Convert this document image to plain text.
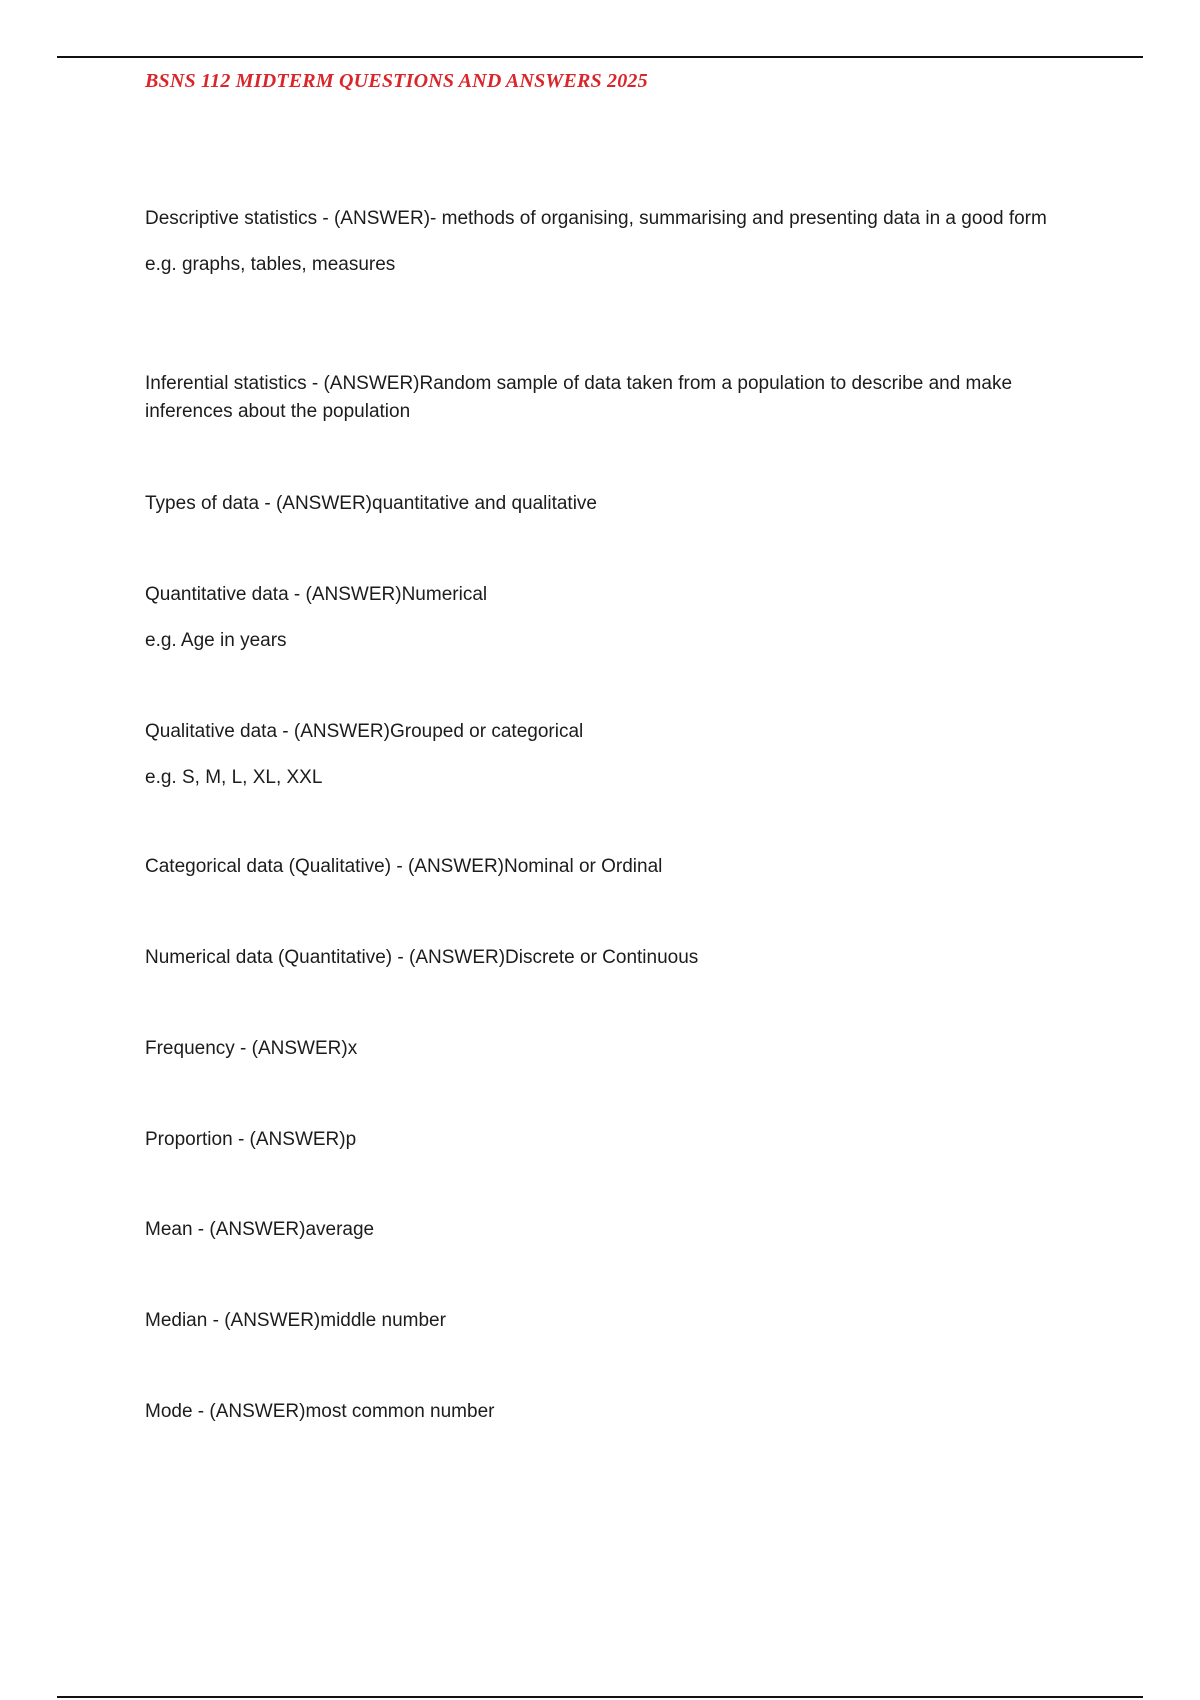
BSNS 112 MIDTERM QUESTIONS AND ANSWERS 2025

Descriptive statistics - (ANSWER)- methods of organising, summarising and presenting data in a good form
e.g. graphs, tables, measures

Inferential statistics - (ANSWER)Random sample of data taken from a population to describe and make inferences about the population

Types of data - (ANSWER)quantitative and qualitative

Quantitative data - (ANSWER)Numerical
e.g. Age in years

Qualitative data - (ANSWER)Grouped or categorical
e.g. S, M, L, XL, XXL

Categorical data (Qualitative) - (ANSWER)Nominal or Ordinal

Numerical data (Quantitative) - (ANSWER)Discrete or Continuous

Frequency - (ANSWER)x

Proportion - (ANSWER)p

Mean - (ANSWER)average

Median - (ANSWER)middle number

Mode - (ANSWER)most common number
